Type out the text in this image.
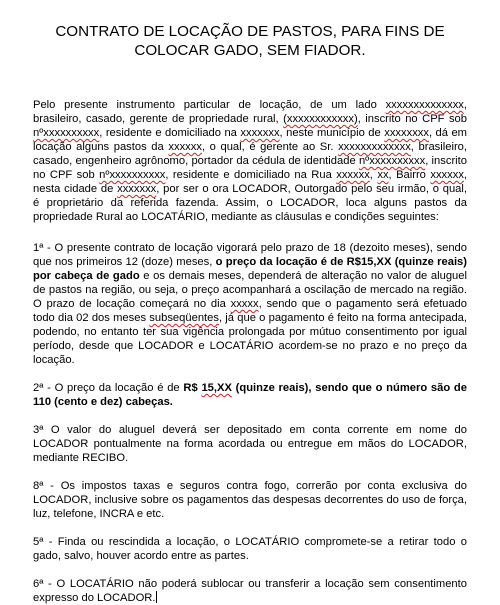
CONTRATO DE LOCAÇÃO DE PASTOS, PARA FINS DE COLOCAR GADO, SEM FIADOR.

Pelo presente instrumento particular de locação, de um lado xxxxxxxxxxxxxx, brasileiro, casado, gerente de propriedade rural, (xxxxxxxxxxxx), inscrito no CPF sob nºxxxxxxxxxx, residente e domiciliado na xxxxxxx, neste município de xxxxxxxx, dá em locação alguns pastos da xxxxxx, o qual, é gerente ao Sr. xxxxxxxxxxxxx, brasileiro, casado, engenheiro agrônomo, portador da cédula de identidade nºxxxxxxxxxx, inscrito no CPF sob nºxxxxxxxxxx, residente e domiciliado na Rua xxxxxx, xx, Bairro xxxxxx, nesta cidade de xxxxxxx, por ser o ora LOCADOR, Outorgado pelo seu irmão, o qual, é proprietário da referida fazenda. Assim, o LOCADOR, loca alguns pastos da propriedade Rural ao LOCATÁRIO, mediante as cláusulas e condições seguintes:

1ª - O presente contrato de locação vigorará pelo prazo de 18 (dezoito meses), sendo que nos primeiros 12 (doze) meses, o preço da locação é de R$15,XX (quinze reais) por cabeça de gado e os demais meses, dependerá de alteração no valor de aluguel de pastos na região, ou seja, o preço acompanhará a oscilação de mercado na região. O prazo de locação começará no dia xxxxx, sendo que o pagamento será efetuado todo dia 02 dos meses subseqüentes, já que o pagamento é feito na forma antecipada, podendo, no entanto ter sua vigência prolongada por mútuo consentimento por igual período, desde que LOCADOR e LOCATÁRIO acordem-se no prazo e no preço da locação.

2ª - O preço da locação é de R$ 15,XX (quinze reais), sendo que o número são de 110 (cento e dez) cabeças.

3ª O valor do aluguel deverá ser depositado em conta corrente em nome do LOCADOR pontualmente na forma acordada ou entregue em mãos do LOCADOR, mediante RECIBO.

8ª - Os impostos taxas e seguros contra fogo, correrão por conta exclusiva do LOCADOR, inclusive sobre os pagamentos das despesas decorrentes do uso de força, luz, telefone, INCRA e etc.

5ª - Finda ou rescindida a locação, o LOCATÁRIO compromete-se a retirar todo o gado, salvo, houver acordo entre as partes.

6ª - O LOCATÁRIO não poderá sublocar ou transferir a locação sem consentimento expresso do LOCADOR.
